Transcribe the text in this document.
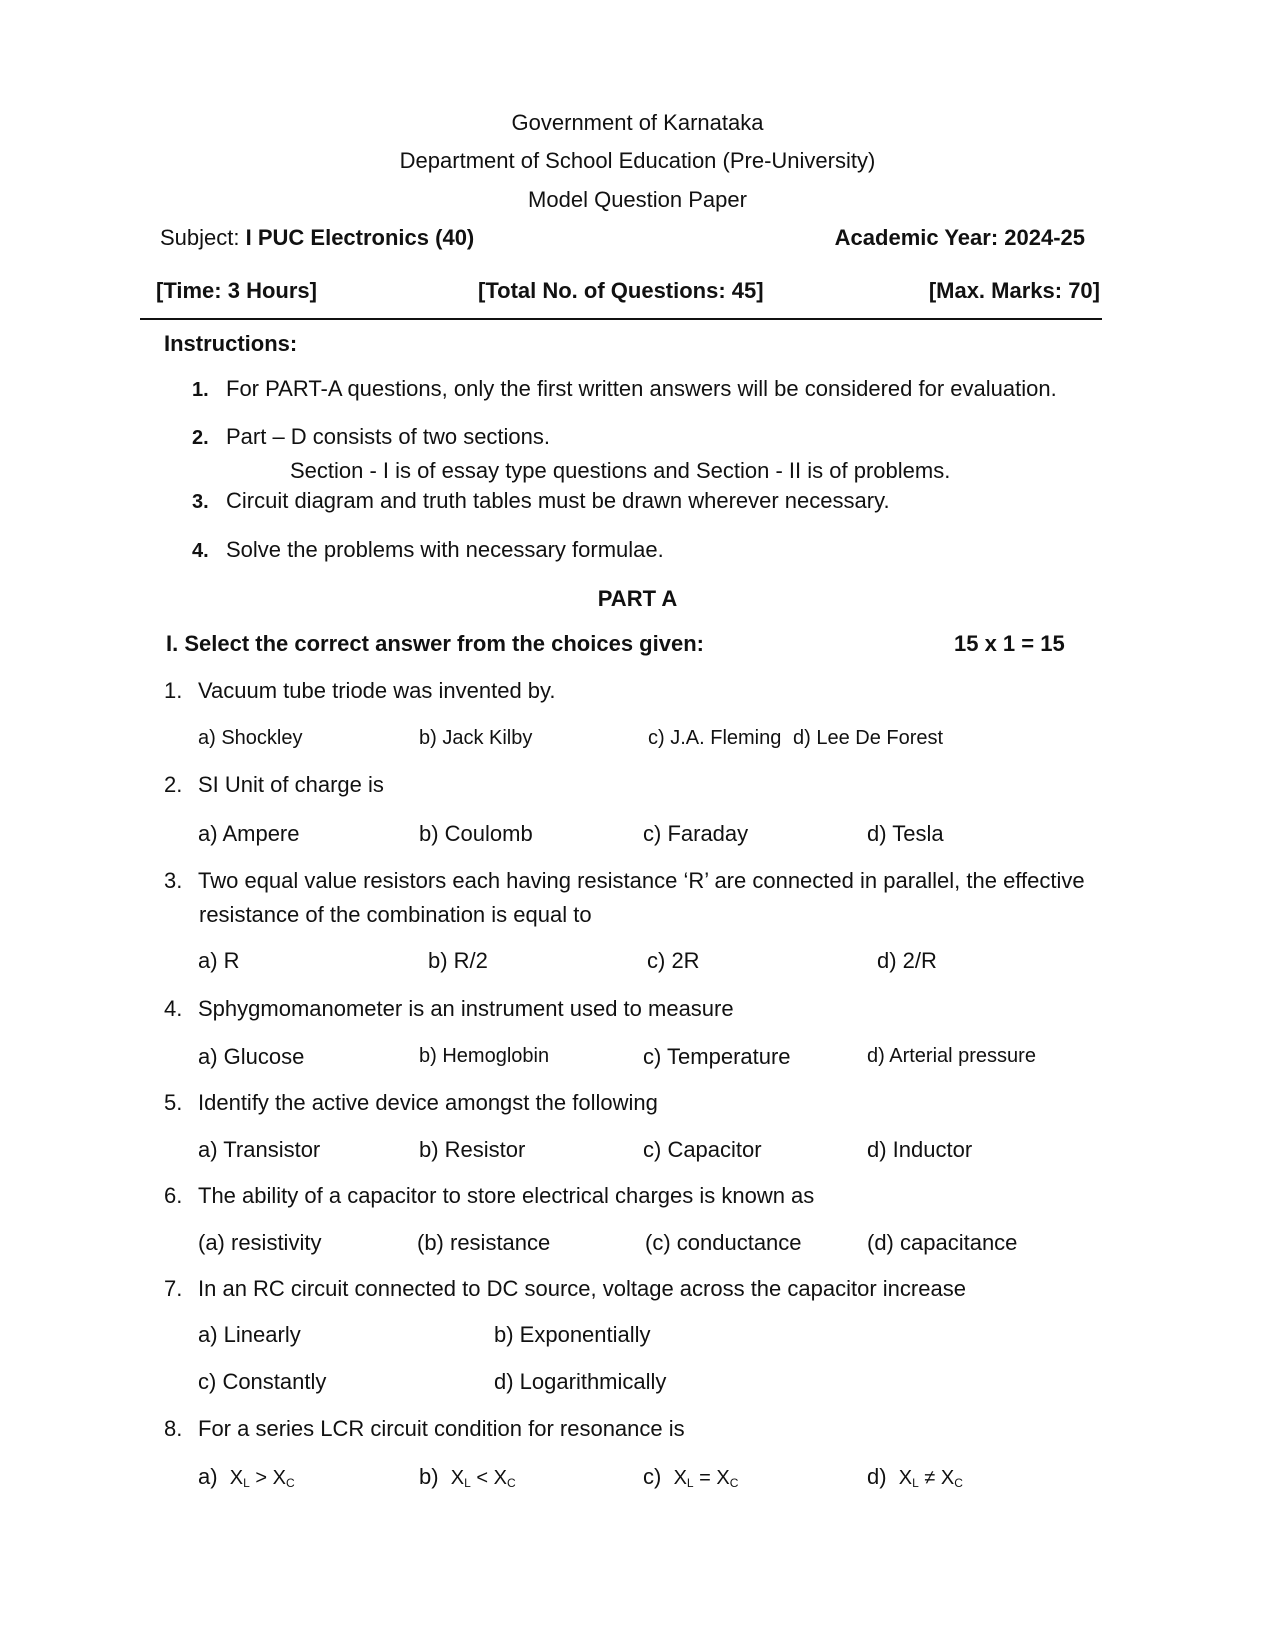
Government of Karnataka
Department of School Education (Pre-University)
Model Question Paper
Subject: I PUC Electronics (40)	Academic Year: 2024-25
[Time: 3 Hours]	[Total No. of Questions: 45]	[Max. Marks: 70]
Instructions:
1. For PART-A questions, only the first written answers will be considered for evaluation.
2. Part – D consists of two sections.
Section - I is of essay type questions and Section - II is of problems.
3. Circuit diagram and truth tables must be drawn wherever necessary.
4. Solve the problems with necessary formulae.
PART A
I. Select the correct answer from the choices given:	15 x 1 = 15
1. Vacuum tube triode was invented by.
a) Shockley	b) Jack Kilby	c) J.A. Fleming d) Lee De Forest
2. SI Unit of charge is
a) Ampere	b) Coulomb	c) Faraday	d) Tesla
3. Two equal value resistors each having resistance ‘R’ are connected in parallel, the effective
resistance of the combination is equal to
a) R	b) R/2	c) 2R	d) 2/R
4. Sphygmomanometer is an instrument used to measure
a) Glucose	b) Hemoglobin	c) Temperature	d) Arterial pressure
5. Identify the active device amongst the following
a) Transistor	b) Resistor	c) Capacitor	d) Inductor
6. The ability of a capacitor to store electrical charges is known as
(a) resistivity	(b) resistance	(c) conductance	(d) capacitance
7. In an RC circuit connected to DC source, voltage across the capacitor increase
a) Linearly	b) Exponentially
c) Constantly	d) Logarithmically
8. For a series LCR circuit condition for resonance is
a) $X_L > X_C$	b) $X_L < X_C$	c) $X_L = X_C$	d) $X_L \ne X_C$
